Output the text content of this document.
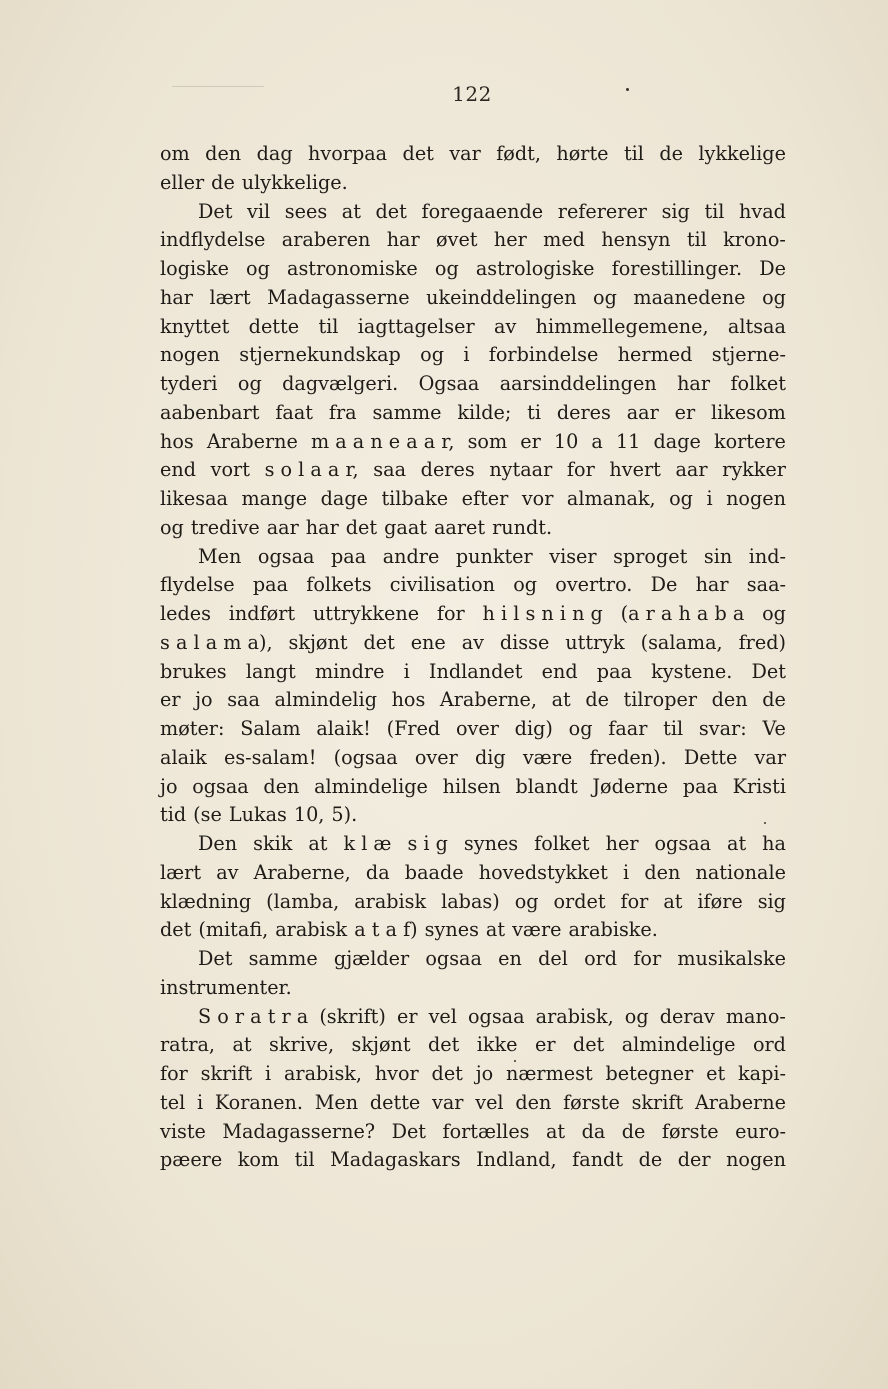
122
om den dag hvorpaa det var født, hørte til de lykkelige
eller de ulykkelige.
Det vil sees at det foregaaende refererer sig til hvad
indflydelse araberen har øvet her med hensyn til krono-
logiske og astronomiske og astrologiske forestillinger. De
har lært Madagasserne ukeinddelingen og maanedene og
knyttet dette til iagttagelser av himmellegemene, altsaa
nogen stjernekundskap og i forbindelse hermed stjerne-
tyderi og dagvælgeri. Ogsaa aarsinddelingen har folket
aabenbart faat fra samme kilde; ti deres aar er likesom
hos Araberne m a a n e a a r, som er 10 a 11 dage kortere
end vort s o l a a r, saa deres nytaar for hvert aar rykker
likesaa mange dage tilbake efter vor almanak, og i nogen
og tredive aar har det gaat aaret rundt.
Men ogsaa paa andre punkter viser sproget sin ind-
flydelse paa folkets civilisation og overtro. De har saa-
ledes indført uttrykkene for h i l s n i n g (a r a h a b a og
s a l a m a), skjønt det ene av disse uttryk (salama, fred)
brukes langt mindre i Indlandet end paa kystene. Det
er jo saa almindelig hos Araberne, at de tilroper den de
møter: Salam alaik! (Fred over dig) og faar til svar: Ve
alaik es-salam! (ogsaa over dig være freden). Dette var
jo ogsaa den almindelige hilsen blandt Jøderne paa Kristi
tid (se Lukas 10, 5).
Den skik at k l æ s i g synes folket her ogsaa at ha
lært av Araberne, da baade hovedstykket i den nationale
klædning (lamba, arabisk labas) og ordet for at iføre sig
det (mitafi, arabisk a t a f) synes at være arabiske.
Det samme gjælder ogsaa en del ord for musikalske
instrumenter.
S o r a t r a (skrift) er vel ogsaa arabisk, og derav mano-
ratra, at skrive, skjønt det ikke er det almindelige ord
for skrift i arabisk, hvor det jo nærmest betegner et kapi-
tel i Koranen. Men dette var vel den første skrift Araberne
viste Madagasserne? Det fortælles at da de første euro-
pæere kom til Madagaskars Indland, fandt de der nogen
